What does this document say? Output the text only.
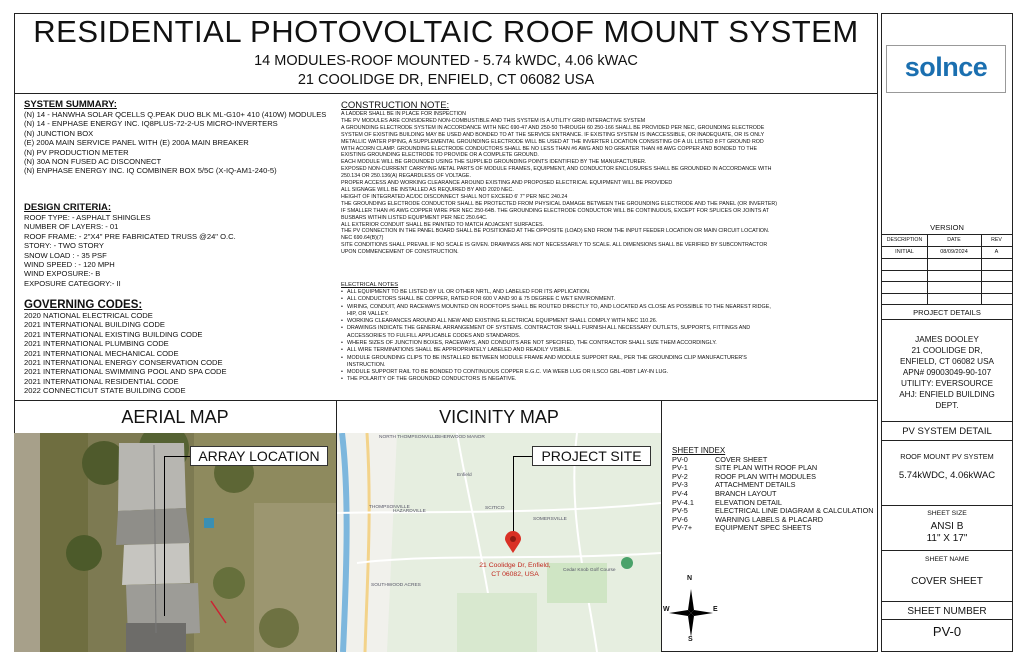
RESIDENTIAL PHOTOVOLTAIC ROOF MOUNT SYSTEM
14 MODULES-ROOF MOUNTED - 5.74 kWDC, 4.06 kWAC
21 COOLIDGE DR, ENFIELD, CT 06082 USA
SYSTEM SUMMARY:
(N) 14 - HANWHA SOLAR QCELLS Q.PEAK DUO BLK ML-G10+ 410 (410W) MODULES
(N) 14 - ENPHASE ENERGY INC. IQ8PLUS-72-2-US MICRO-INVERTERS
(N) JUNCTION BOX
(E) 200A MAIN SERVICE PANEL WITH (E) 200A MAIN BREAKER
(N) PV PRODUCTION METER
(N) 30A NON FUSED AC DISCONNECT
(N) ENPHASE ENERGY INC. IQ COMBINER BOX 5/5C (X-IQ-AM1-240-5)
DESIGN CRITERIA:
ROOF TYPE: - ASPHALT SHINGLES
NUMBER OF LAYERS: - 01
ROOF FRAME: - 2"X4" PRE FABRICATED TRUSS @24" O.C.
STORY: - TWO STORY
SNOW LOAD : - 35 PSF
WIND SPEED : - 120 MPH
WIND EXPOSURE:- B
EXPOSURE CATEGORY:- II
GOVERNING CODES:
2020 NATIONAL ELECTRICAL CODE
2021 INTERNATIONAL BUILDING CODE
2021 INTERNATIONAL EXISTING BUILDING CODE
2021 INTERNATIONAL PLUMBING CODE
2021 INTERNATIONAL MECHANICAL CODE
2021 INTERNATIONAL ENERGY CONSERVATION CODE
2021 INTERNATIONAL SWIMMING POOL AND SPA CODE
2021 INTERNATIONAL RESIDENTIAL CODE
2022 CONNECTICUT STATE BUILDING CODE
CONSTRUCTION NOTE:
A LADDER SHALL BE IN PLACE FOR INSPECTION
THE PV MODULES ARE CONSIDERED NON-COMBUSTIBLE AND THIS SYSTEM IS A UTILITY GRID INTERACTIVE SYSTEM
A GROUNDING ELECTRODE SYSTEM IN ACCORDANCE WITH NEC 690-47 AND 250-50 THROUGH 60 250-166 SHALL BE PROVIDED PER NEC, GROUNDING ELECTRODE
SYSTEM OF EXISTING BUILDING MAY BE USED AND BONDED TO AT THE SERVICE ENTRANCE. IF EXISTING SYSTEM IS INACCESSIBLE, OR INADEQUATE, OR IS ONLY
METALLIC WATER PIPING, A SUPPLEMENTAL GROUNDING ELECTRODE WILL BE USED AT THE INVERTER LOCATION CONSISTING OF A UL LISTED 8 FT GROUND ROD
WITH ACORN CLAMP. GROUNDING ELECTRODE CONDUCTORS SHALL BE NO LESS THAN #6 AWG AND NO GREATER THAN #8 AWG COPPER AND BONDED TO THE
EXISTING GROUNDING ELECTRODE TO PROVIDE OR A COMPLETE GROUND.
EACH MODULE WILL BE GROUNDED USING THE SUPPLIED GROUNDING POINTS IDENTIFIED BY THE MANUFACTURER.
EXPOSED NON-CURRENT CARRYING METAL PARTS OF MODULE FRAMES, EQUIPMENT, AND CONDUCTOR ENCLOSURES SHALL BE GROUNDED IN ACCORDANCE WITH
250.134 OR 250.136(A) REGARDLESS OF VOLTAGE.
PROPER ACCESS AND WORKING CLEARANCE AROUND EXISTING AND PROPOSED ELECTRICAL EQUIPMENT WILL BE PROVIDED
ALL SIGNAGE WILL BE INSTALLED AS REQUIRED BY AND 2020 NEC.
HEIGHT OF INTEGRATED AC/DC DISCONNECT SHALL NOT EXCEED 6' 7" PER NEC 240.24
THE GROUNDING ELECTRODE CONDUCTOR SHALL BE PROTECTED FROM PHYSICAL DAMAGE BETWEEN THE GROUNDING ELECTRODE AND THE PANEL (OR INVERTER)
IF SMALLER THAN #6 AWG COPPER WIRE PER NEC 250-64B. THE GROUNDING ELECTRODE CONDUCTOR WILL BE CONTINUOUS, EXCEPT FOR SPLICES OR JOINTS AT
BUSBARS WITHIN LISTED EQUIPMENT PER NEC 250.64C.
ALL EXTERIOR CONDUIT SHALL BE PAINTED TO MATCH ADJACENT SURFACES.
THE PV CONNECTION IN THE PANEL BOARD SHALL BE POSITIONED AT THE OPPOSITE (LOAD) END FROM THE INPUT FEEDER LOCATION OR MAIN CIRCUIT LOCATION.
NEC 690.64(B)(7)
SITE CONDITIONS SHALL PREVAIL IF NO SCALE IS GIVEN. DRAWINGS ARE NOT NECESSARILY TO SCALE. ALL DIMENSIONS SHALL BE VERIFIED BY SUBCONTRACTOR
UPON COMMENCEMENT OF CONSTRUCTION.
ELECTRICAL NOTES
• ALL EQUIPMENT TO BE LISTED BY UL OR OTHER NRTL, AND LABELED FOR ITS APPLICATION.
• ALL CONDUCTORS SHALL BE COPPER, RATED FOR 600 V AND 90 & 75 DEGREE C WET ENVIRONMENT.
• WIRING, CONDUIT, AND RACEWAYS MOUNTED ON ROOFTOPS SHALL BE ROUTED DIRECTLY TO, AND LOCATED AS CLOSE AS POSSIBLE TO THE NEAREST RIDGE,
HIP, OR VALLEY.
• WORKING CLEARANCES AROUND ALL NEW AND EXISTING ELECTRICAL EQUIPMENT SHALL COMPLY WITH NEC 110.26.
• DRAWINGS INDICATE THE GENERAL ARRANGEMENT OF SYSTEMS. CONTRACTOR SHALL FURNISH ALL NECESSARY OUTLETS, SUPPORTS, FITTINGS AND
ACCESSORIES TO FULFILL APPLICABLE CODES AND STANDARDS.
• WHERE SIZES OF JUNCTION BOXES, RACEWAYS, AND CONDUITS ARE NOT SPECIFIED, THE CONTRACTOR SHALL SIZE THEM ACCORDINGLY.
• ALL WIRE TERMINATIONS SHALL BE APPROPRIATELY LABELED AND READILY VISIBLE.
• MODULE GROUNDING CLIPS TO BE INSTALLED BETWEEN MODULE FRAME AND MODULE SUPPORT RAIL, PER THE GROUNDING CLIP MANUFACTURER'S
INSTRUCTION.
• MODULE SUPPORT RAIL TO BE BONDED TO CONTINUOUS COPPER E.G.C. VIA WEEB LUG OR ILSCO GBL-4DBT LAY-IN LUG.
• THE POLARITY OF THE GROUNDED CONDUCTORS IS NEGATIVE.
AERIAL MAP
ARRAY LOCATION
VICINITY MAP
Enfield
THOMPSONVILLE
HAZARDVILLE
SCITICO
SOMERSVILLE
SOUTHWOOD ACRES
Cedar Knob Golf Course
SHERWOOD MANOR
NORTH THOMPSONVILLE
PROJECT SITE
21 Coolidge Dr, Enfield,
CT 06082, USA
SHEET INDEX
PV-0	COVER SHEET
PV-1	SITE PLAN WITH ROOF PLAN
PV-2	ROOF PLAN WITH MODULES
PV-3	ATTACHMENT DETAILS
PV-4	BRANCH LAYOUT
PV-4.1	ELEVATION DETAIL
PV-5	ELECTRICAL LINE DIAGRAM & CALCULATION
PV-6	WARNING LABELS & PLACARD
PV-7+	EQUIPMENT SPEC SHEETS
N
S
W	E
solnce
VERSION
DESCRIPTION	DATE	REV
INITIAL	08/09/2024	A
PROJECT DETAILS
JAMES DOOLEY
21 COOLIDGE DR,
ENFIELD, CT 06082 USA
APN# 09003049-90-107
UTILITY: EVERSOURCE
AHJ: ENFIELD BUILDING
DEPT.
PV SYSTEM DETAIL
ROOF MOUNT PV SYSTEM
5.74kWDC, 4.06kWAC
SHEET SIZE
ANSI B
11" X 17"
SHEET NAME
COVER SHEET
SHEET NUMBER
PV-0
